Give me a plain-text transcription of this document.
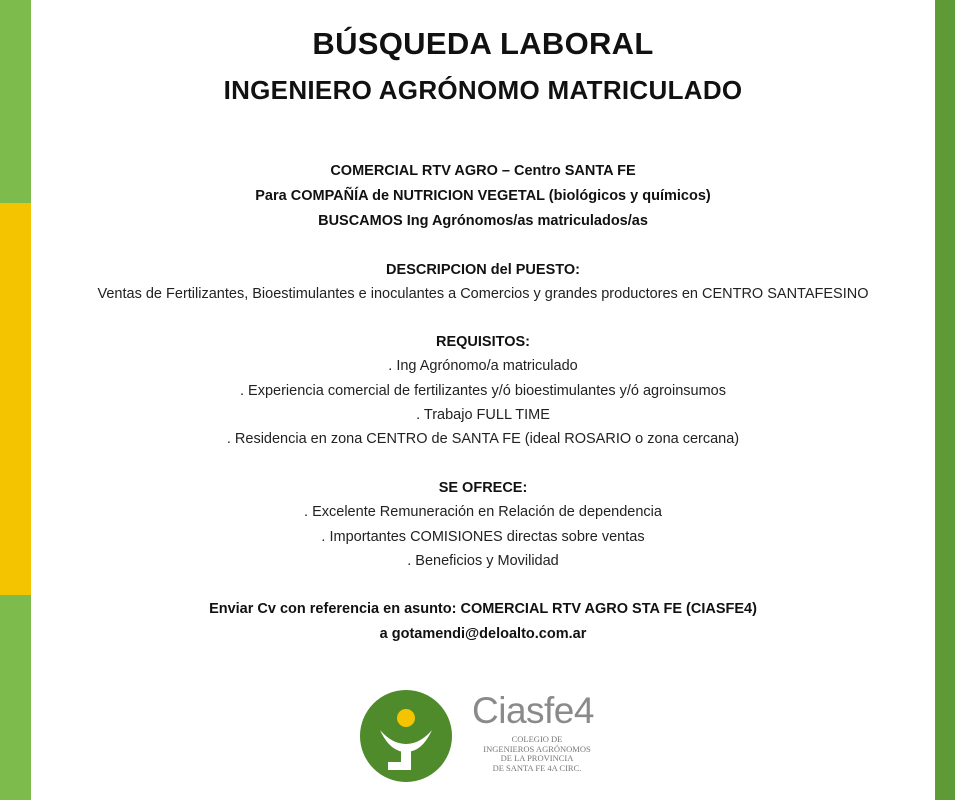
BÚSQUEDA LABORAL
INGENIERO AGRÓNOMO MATRICULADO
COMERCIAL RTV AGRO – Centro SANTA FE
Para COMPAÑÍA de NUTRICION VEGETAL (biológicos y químicos)
BUSCAMOS Ing Agrónomos/as matriculados/as
DESCRIPCION del PUESTO:
Ventas de Fertilizantes, Bioestimulantes e inoculantes a Comercios y grandes productores en CENTRO SANTAFESINO
REQUISITOS:
. Ing Agrónomo/a matriculado
. Experiencia comercial de fertilizantes y/ó bioestimulantes y/ó agroinsumos
. Trabajo FULL TIME
. Residencia en zona CENTRO de SANTA FE (ideal ROSARIO o zona cercana)
SE OFRECE:
. Excelente Remuneración en Relación de dependencia
. Importantes COMISIONES directas sobre ventas
. Beneficios y Movilidad
Enviar Cv con referencia en asunto: COMERCIAL RTV AGRO STA FE (CIASFE4)
a gotamendi@deloalto.com.ar
Ciasfe4
COLEGIO DE
INGENIEROS AGRÓNOMOS
DE LA PROVINCIA
DE SANTA FE 4A CIRC.
